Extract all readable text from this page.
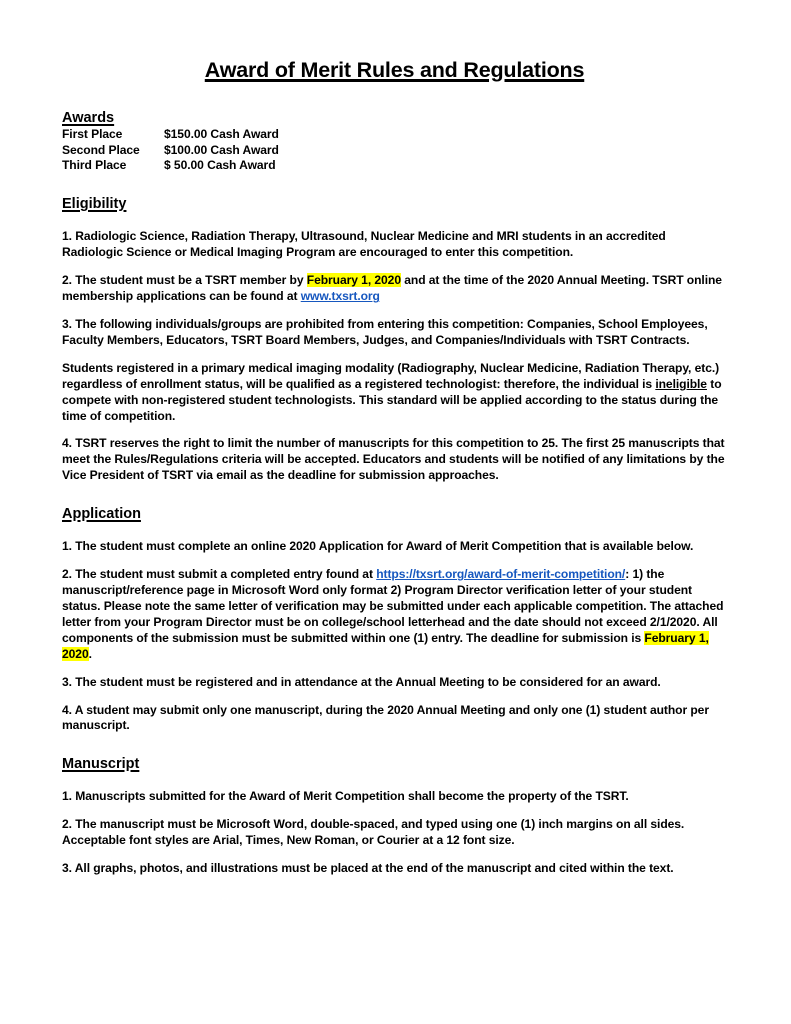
Award of Merit Rules and Regulations
Awards
First Place	$150.00 Cash Award
Second Place	$100.00 Cash Award
Third Place	$ 50.00 Cash Award
Eligibility

1. Radiologic Science, Radiation Therapy, Ultrasound, Nuclear Medicine and MRI students in an accredited Radiologic Science or Medical Imaging Program are encouraged to enter this competition.

2. The student must be a TSRT member by February 1, 2020 and at the time of the 2020 Annual Meeting. TSRT online membership applications can be found at www.txsrt.org

3. The following individuals/groups are prohibited from entering this competition: Companies, School Employees, Faculty Members, Educators, TSRT Board Members, Judges, and Companies/Individuals with TSRT Contracts.

Students registered in a primary medical imaging modality (Radiography, Nuclear Medicine, Radiation Therapy, etc.) regardless of enrollment status, will be qualified as a registered technologist: therefore, the individual is ineligible to compete with non-registered student technologists. This standard will be applied according to the status during the time of competition.

4. TSRT reserves the right to limit the number of manuscripts for this competition to 25. The first 25 manuscripts that meet the Rules/Regulations criteria will be accepted. Educators and students will be notified of any limitations by the Vice President of TSRT via email as the deadline for submission approaches.

Application

1. The student must complete an online 2020 Application for Award of Merit Competition that is available below.

2. The student must submit a completed entry found at https://txsrt.org/award-of-merit-competition/: 1) the manuscript/reference page in Microsoft Word only format 2) Program Director verification letter of your student status. Please note the same letter of verification may be submitted under each applicable competition. The attached letter from your Program Director must be on college/school letterhead and the date should not exceed 2/1/2020. All components of the submission must be submitted within one (1) entry. The deadline for submission is February 1, 2020.

3. The student must be registered and in attendance at the Annual Meeting to be considered for an award.

4. A student may submit only one manuscript, during the 2020 Annual Meeting and only one (1) student author per manuscript.

Manuscript

1. Manuscripts submitted for the Award of Merit Competition shall become the property of the TSRT.

2. The manuscript must be Microsoft Word, double-spaced, and typed using one (1) inch margins on all sides. Acceptable font styles are Arial, Times, New Roman, or Courier at a 12 font size.

3. All graphs, photos, and illustrations must be placed at the end of the manuscript and cited within the text.
